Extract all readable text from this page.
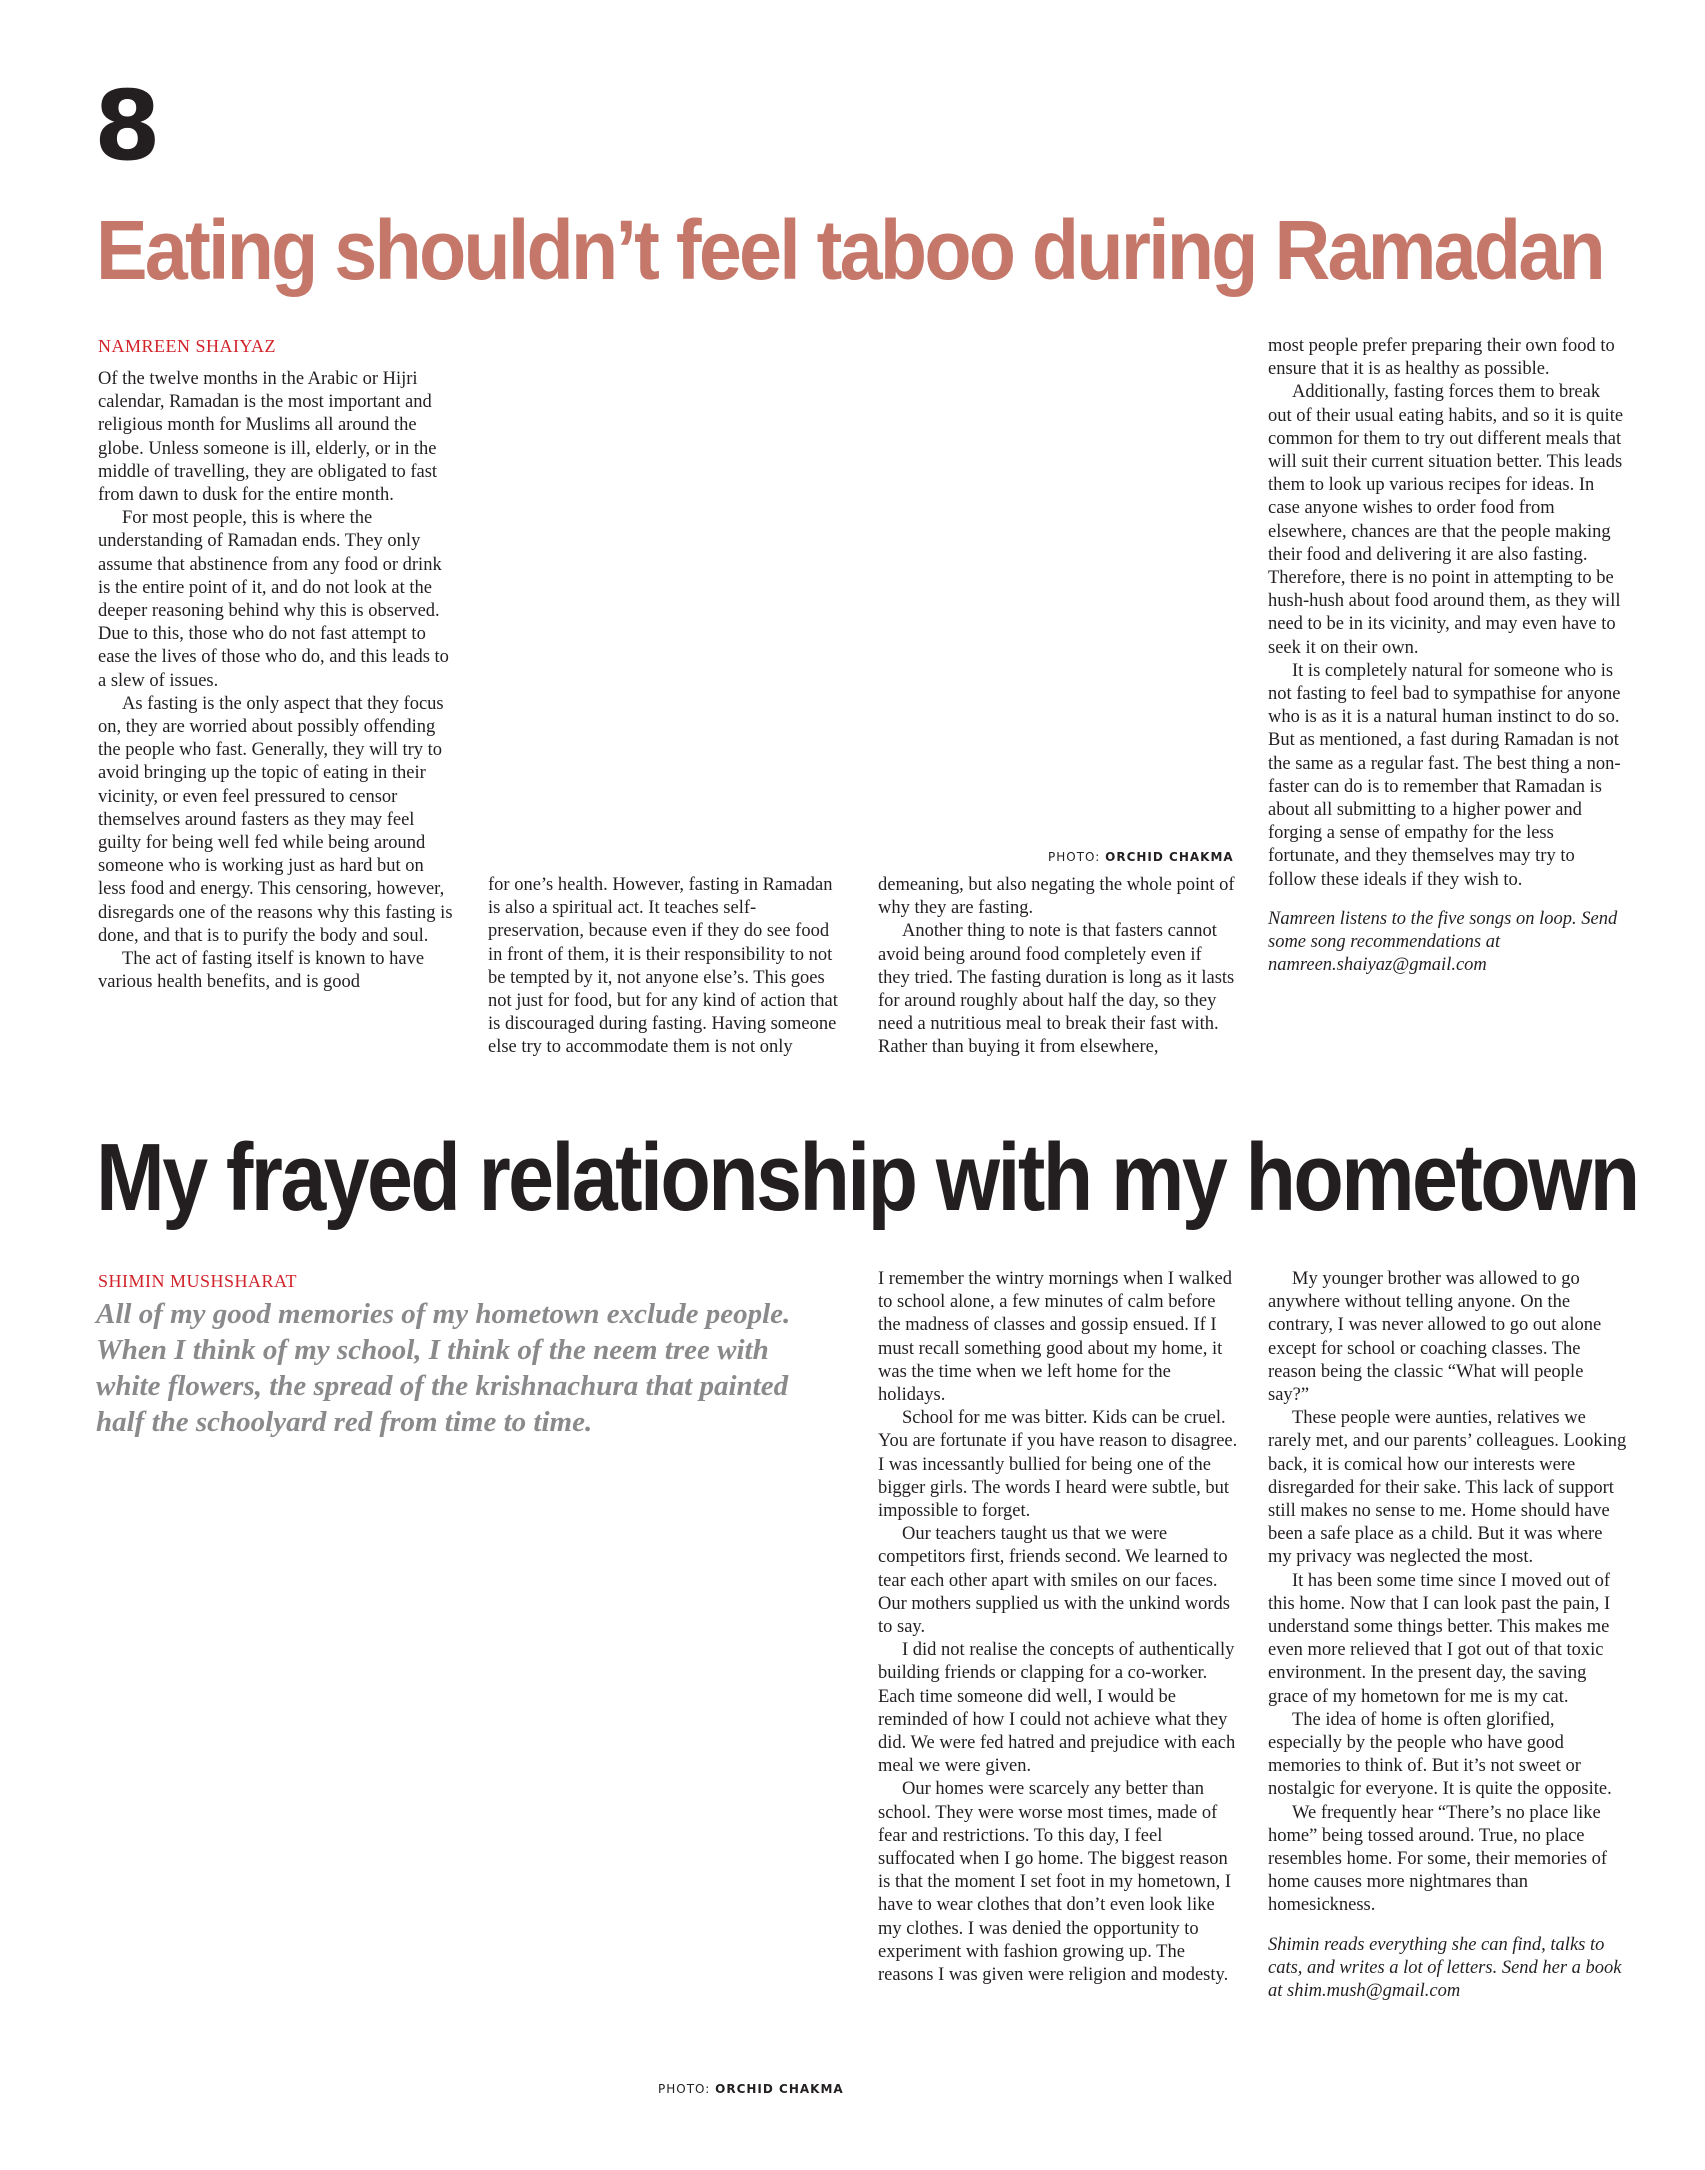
8
Eating shouldn’t feel taboo during Ramadan
NAMREEN SHAIYAZ

Of the twelve months in the Arabic or Hijri calendar, Ramadan is the most important and religious month for Muslims all around the globe. Unless someone is ill, elderly, or in the middle of travelling, they are obligated to fast from dawn to dusk for the entire month.

For most people, this is where the understanding of Ramadan ends. They only assume that abstinence from any food or drink is the entire point of it, and do not look at the deeper reasoning behind why this is observed. Due to this, those who do not fast attempt to ease the lives of those who do, and this leads to a slew of issues.

As fasting is the only aspect that they focus on, they are worried about possibly offending the people who fast. Generally, they will try to avoid bringing up the topic of eating in their vicinity, or even feel pressured to censor themselves around fasters as they may feel guilty for being well fed while being around someone who is working just as hard but on less food and energy. This censoring, however, disregards one of the reasons why this fasting is done, and that is to purify the body and soul.

The act of fasting itself is known to have various health benefits, and is good

PHOTO: ORCHID CHAKMA

for one’s health. However, fasting in Ramadan is also a spiritual act. It teaches self-preservation, because even if they do see food in front of them, it is their responsibility to not be tempted by it, not anyone else’s. This goes not just for food, but for any kind of action that is discouraged during fasting. Having someone else try to accommodate them is not only

demeaning, but also negating the whole point of why they are fasting.

Another thing to note is that fasters cannot avoid being around food completely even if they tried. The fasting duration is long as it lasts for around roughly about half the day, so they need a nutritious meal to break their fast with. Rather than buying it from elsewhere,

most people prefer preparing their own food to ensure that it is as healthy as possible.

Additionally, fasting forces them to break out of their usual eating habits, and so it is quite common for them to try out different meals that will suit their current situation better. This leads them to look up various recipes for ideas. In case anyone wishes to order food from elsewhere, chances are that the people making their food and delivering it are also fasting. Therefore, there is no point in attempting to be hush-hush about food around them, as they will need to be in its vicinity, and may even have to seek it on their own.

It is completely natural for someone who is not fasting to feel bad to sympathise for anyone who is as it is a natural human instinct to do so. But as mentioned, a fast during Ramadan is not the same as a regular fast. The best thing a non-faster can do is to remember that Ramadan is about all submitting to a higher power and forging a sense of empathy for the less fortunate, and they themselves may try to follow these ideals if they wish to.

Namreen listens to the five songs on loop. Send some song recommendations at namreen.shaiyaz@gmail.com

My frayed relationship with my hometown
SHIMIN MUSHSHARAT
All of my good memories of my hometown exclude people. When I think of my school, I think of the neem tree with white flowers, the spread of the krishnachura that painted half the schoolyard red from time to time.
PHOTO: ORCHID CHAKMA

I remember the wintry mornings when I walked to school alone, a few minutes of calm before the madness of classes and gossip ensued. If I must recall something good about my home, it was the time when we left home for the holidays.

School for me was bitter. Kids can be cruel. You are fortunate if you have reason to disagree. I was incessantly bullied for being one of the bigger girls. The words I heard were subtle, but impossible to forget.

Our teachers taught us that we were competitors first, friends second. We learned to tear each other apart with smiles on our faces. Our mothers supplied us with the unkind words to say.

I did not realise the concepts of authentically building friends or clapping for a co-worker. Each time someone did well, I would be reminded of how I could not achieve what they did. We were fed hatred and prejudice with each meal we were given.

Our homes were scarcely any better than school. They were worse most times, made of fear and restrictions. To this day, I feel suffocated when I go home. The biggest reason is that the moment I set foot in my hometown, I have to wear clothes that don’t even look like my clothes. I was denied the opportunity to experiment with fashion growing up. The reasons I was given were religion and modesty.

My younger brother was allowed to go anywhere without telling anyone. On the contrary, I was never allowed to go out alone except for school or coaching classes. The reason being the classic “What will people say?”

These people were aunties, relatives we rarely met, and our parents’ colleagues. Looking back, it is comical how our interests were disregarded for their sake. This lack of support still makes no sense to me. Home should have been a safe place as a child. But it was where my privacy was neglected the most.

It has been some time since I moved out of this home. Now that I can look past the pain, I understand some things better. This makes me even more relieved that I got out of that toxic environment. In the present day, the saving grace of my hometown for me is my cat.

The idea of home is often glorified, especially by the people who have good memories to think of. But it’s not sweet or nostalgic for everyone. It is quite the opposite.

We frequently hear “There’s no place like home” being tossed around. True, no place resembles home. For some, their memories of home causes more nightmares than homesickness.

Shimin reads everything she can find, talks to cats, and writes a lot of letters. Send her a book at shim.mush@gmail.com
